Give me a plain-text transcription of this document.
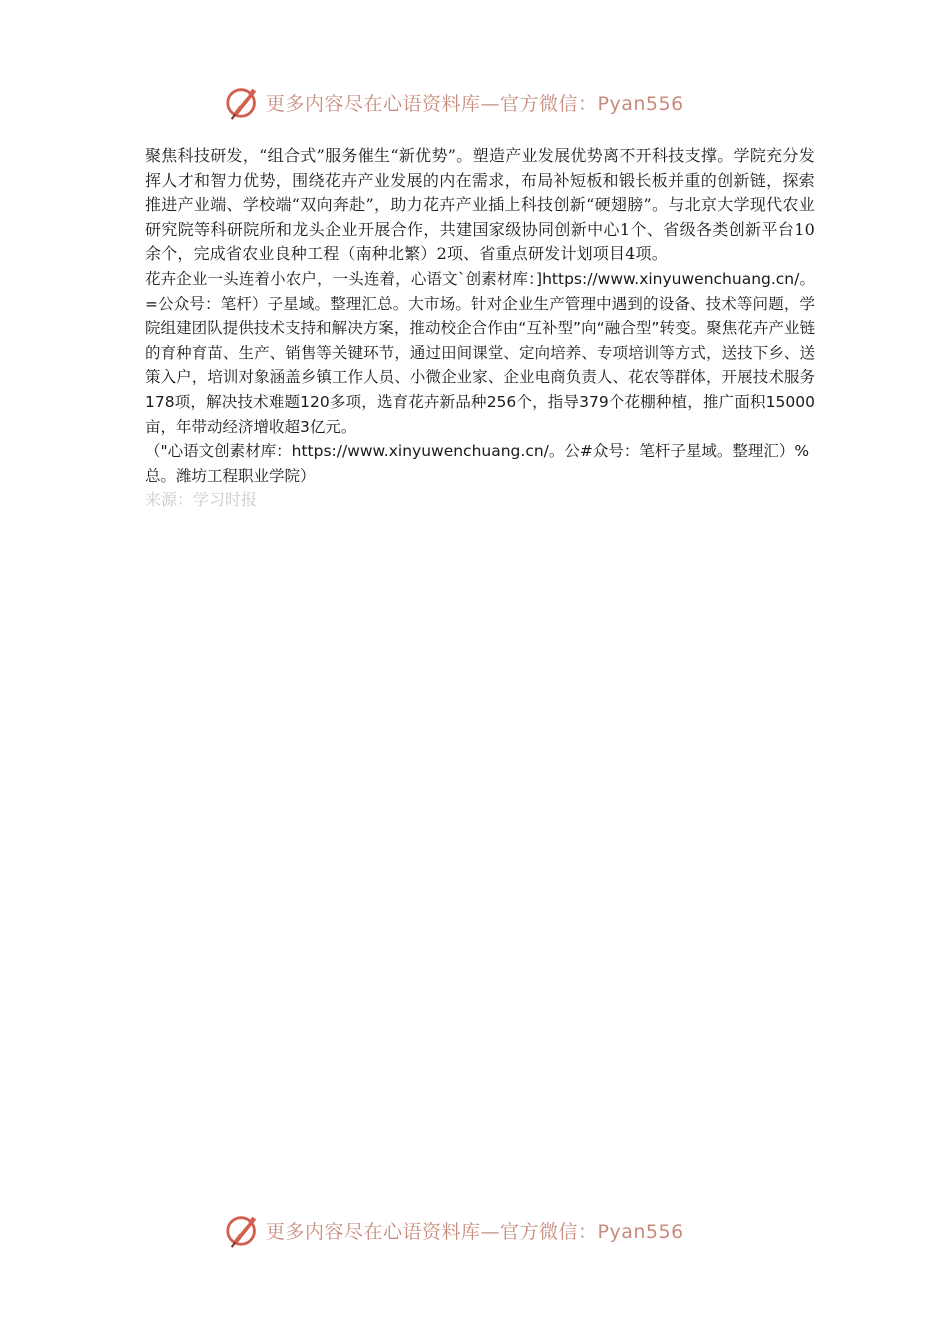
更多内容尽在心语资料库—官方微信：Pyan556

聚焦科技研发，“组合式”服务催生“新优势”。塑造产业发展优势离不开科技支撑。学院充分发挥人才和智力优势，围绕花卉产业发展的内在需求，布局补短板和锻长板并重的创新链，探索推进产业端、学校端“双向奔赴”，助力花卉产业插上科技创新“硬翅膀”。与北京大学现代农业研究院等科研院所和龙头企业开展合作，共建国家级协同创新中心1个、省级各类创新平台10余个，完成省农业良种工程（南种北繁）2项、省重点研发计划项目4项。

花卉企业一头连着小农户，一头连着，心语文`创素材库：]https://www.xinyuwenchuang.cn/。=公众号：笔杆）子星域。整理汇总。大市场。针对企业生产管理中遇到的设备、技术等问题，学院组建团队提供技术支持和解决方案，推动校企合作由“互补型”向“融合型”转变。聚焦花卉产业链的育种育苗、生产、销售等关键环节，通过田间课堂、定向培养、专项培训等方式，送技下乡、送策入户，培训对象涵盖乡镇工作人员、小微企业家、企业电商负责人、花农等群体，开展技术服务178项，解决技术难题120多项，选育花卉新品种256个，指导379个花棚种植，推广面积15000亩，年带动经济增收超3亿元。

（"心语文创素材库：https://www.xinyuwenchuang.cn/。公#众号：笔杆子星域。整理汇）%总。潍坊工程职业学院）

来源：学习时报

更多内容尽在心语资料库—官方微信：Pyan556
